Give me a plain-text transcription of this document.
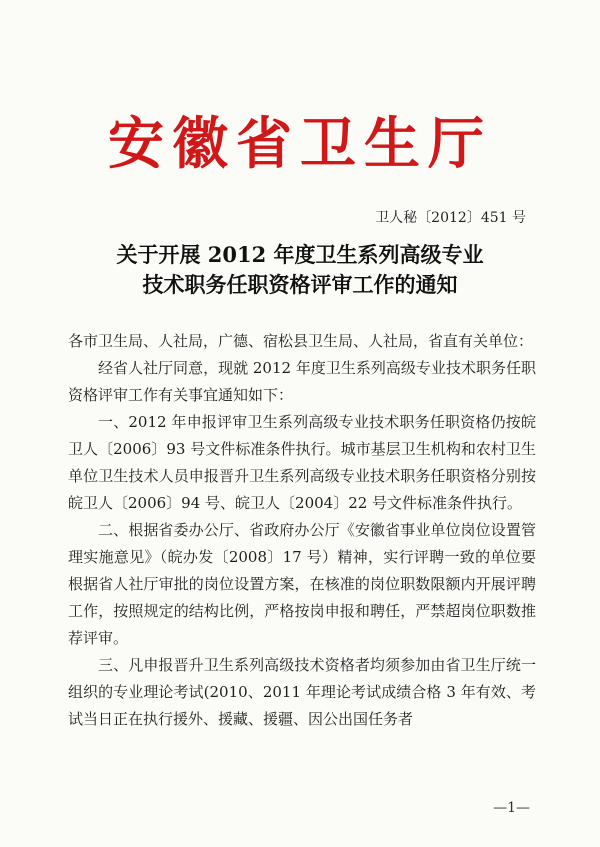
安徽省卫生厅
卫人秘〔2012〕451 号
关于开展 2012 年度卫生系列高级专业
技术职务任职资格评审工作的通知

各市卫生局、人社局，广德、宿松县卫生局、人社局，省直有关单位：

经省人社厅同意，现就 2012 年度卫生系列高级专业技术职务任职资格评审工作有关事宜通知如下：

一、2012 年申报评审卫生系列高级专业技术职务任职资格仍按皖卫人〔2006〕93 号文件标准条件执行。城市基层卫生机构和农村卫生单位卫生技术人员申报晋升卫生系列高级专业技术职务任职资格分别按皖卫人〔2006〕94 号、皖卫人〔2004〕22 号文件标准条件执行。

二、根据省委办公厅、省政府办公厅《安徽省事业单位岗位设置管理实施意见》（皖办发〔2008〕17 号）精神，实行评聘一致的单位要根据省人社厅审批的岗位设置方案，在核准的岗位职数限额内开展评聘工作，按照规定的结构比例，严格按岗申报和聘任，严禁超岗位职数推荐评审。

三、凡申报晋升卫生系列高级技术资格者均须参加由省卫生厅统一组织的专业理论考试(2010、2011 年理论考试成绩合格 3 年有效、考试当日正在执行援外、援藏、援疆、因公出国任务者

—1—
